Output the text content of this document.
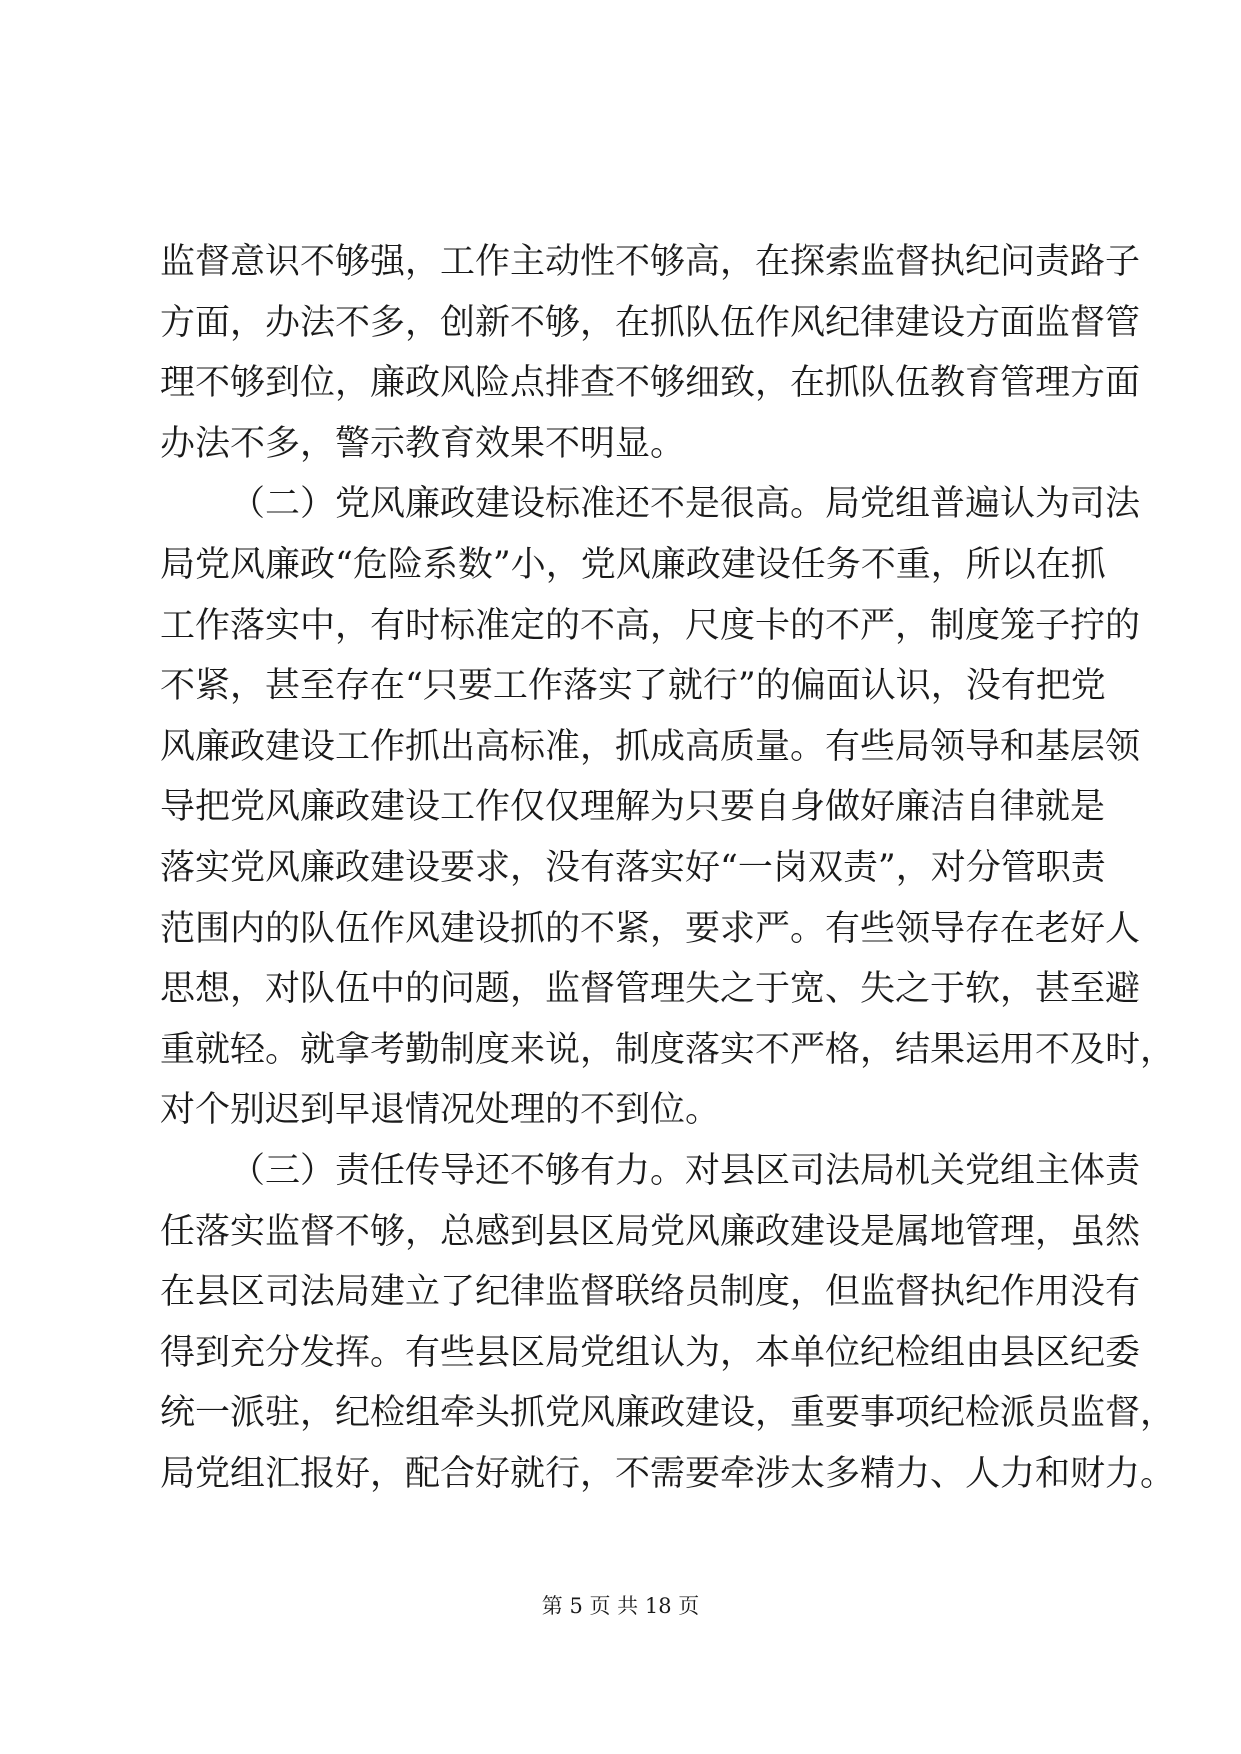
监督意识不够强，工作主动性不够高，在探索监督执纪问责路子
方面，办法不多，创新不够，在抓队伍作风纪律建设方面监督管
理不够到位，廉政风险点排查不够细致，在抓队伍教育管理方面
办法不多，警示教育效果不明显。
（二）党风廉政建设标准还不是很高。局党组普遍认为司法
局党风廉政“危险系数”小，党风廉政建设任务不重，所以在抓
工作落实中，有时标准定的不高，尺度卡的不严，制度笼子拧的
不紧，甚至存在“只要工作落实了就行”的偏面认识，没有把党
风廉政建设工作抓出高标准，抓成高质量。有些局领导和基层领
导把党风廉政建设工作仅仅理解为只要自身做好廉洁自律就是
落实党风廉政建设要求，没有落实好“一岗双责”，对分管职责
范围内的队伍作风建设抓的不紧，要求严。有些领导存在老好人
思想，对队伍中的问题，监督管理失之于宽、失之于软，甚至避
重就轻。就拿考勤制度来说，制度落实不严格，结果运用不及时，
对个别迟到早退情况处理的不到位。
（三）责任传导还不够有力。对县区司法局机关党组主体责
任落实监督不够，总感到县区局党风廉政建设是属地管理，虽然
在县区司法局建立了纪律监督联络员制度，但监督执纪作用没有
得到充分发挥。有些县区局党组认为，本单位纪检组由县区纪委
统一派驻，纪检组牵头抓党风廉政建设，重要事项纪检派员监督，
局党组汇报好，配合好就行，不需要牵涉太多精力、人力和财力。
第 5 页 共 18 页
